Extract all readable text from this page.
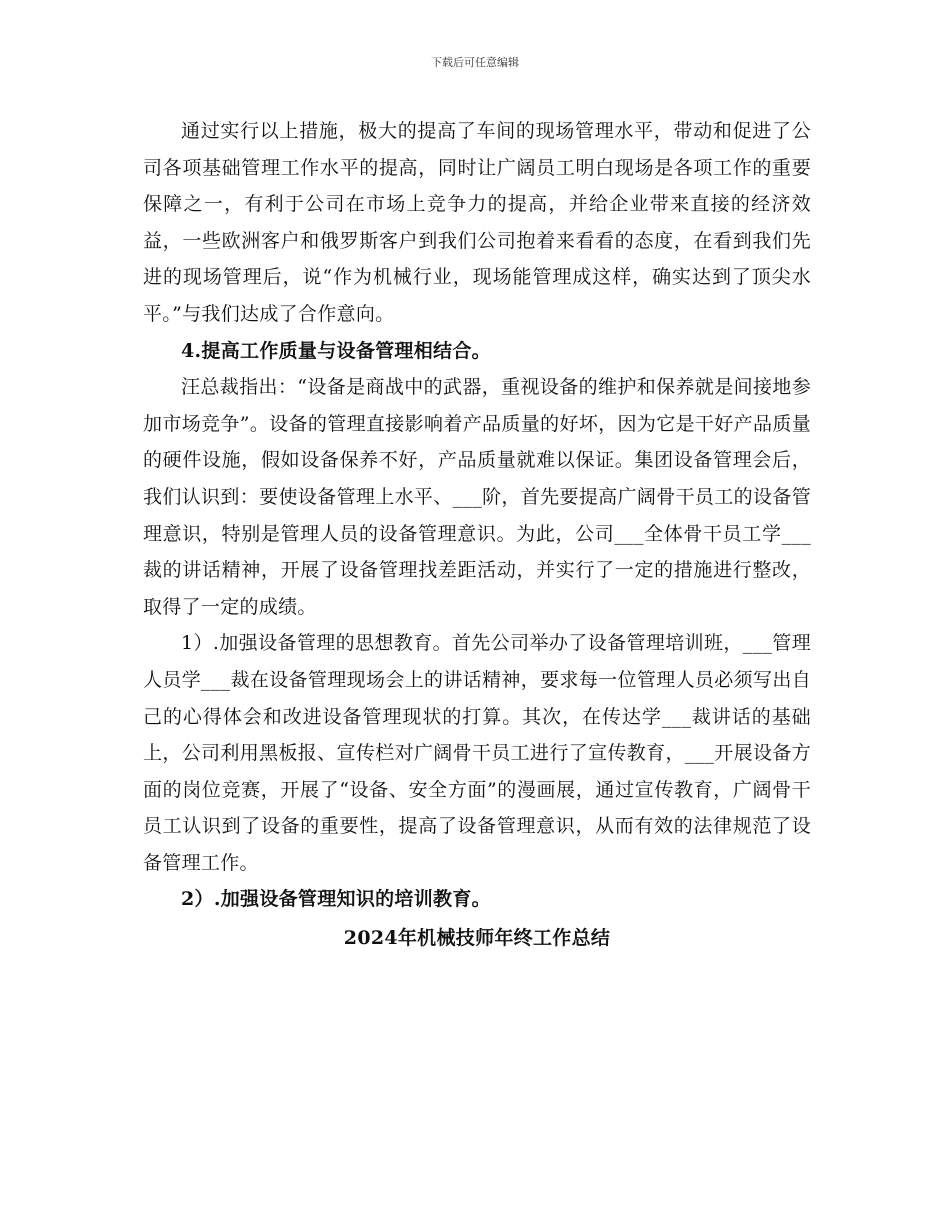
下载后可任意编辑

通过实行以上措施，极大的提高了车间的现场管理水平，带动和促进了公司各项基础管理工作水平的提高，同时让广阔员工明白现场是各项工作的重要保障之一，有利于公司在市场上竞争力的提高，并给企业带来直接的经济效益，一些欧洲客户和俄罗斯客户到我们公司抱着来看看的态度，在看到我们先进的现场管理后，说“作为机械行业，现场能管理成这样，确实达到了顶尖水平。”与我们达成了合作意向。

4.提高工作质量与设备管理相结合。

汪总裁指出：“设备是商战中的武器，重视设备的维护和保养就是间接地参加市场竞争”。设备的管理直接影响着产品质量的好坏，因为它是干好产品质量的硬件设施，假如设备保养不好，产品质量就难以保证。集团设备管理会后，我们认识到：要使设备管理上水平、___阶，首先要提高广阔骨干员工的设备管理意识，特别是管理人员的设备管理意识。为此，公司___全体骨干员工学___裁的讲话精神，开展了设备管理找差距活动，并实行了一定的措施进行整改，取得了一定的成绩。

1）.加强设备管理的思想教育。首先公司举办了设备管理培训班，___管理人员学___裁在设备管理现场会上的讲话精神，要求每一位管理人员必须写出自己的心得体会和改进设备管理现状的打算。其次，在传达学___裁讲话的基础上，公司利用黑板报、宣传栏对广阔骨干员工进行了宣传教育，___开展设备方面的岗位竞赛，开展了“设备、安全方面”的漫画展，通过宣传教育，广阔骨干员工认识到了设备的重要性，提高了设备管理意识，从而有效的法律规范了设备管理工作。

2）.加强设备管理知识的培训教育。

2024年机械技师年终工作总结
